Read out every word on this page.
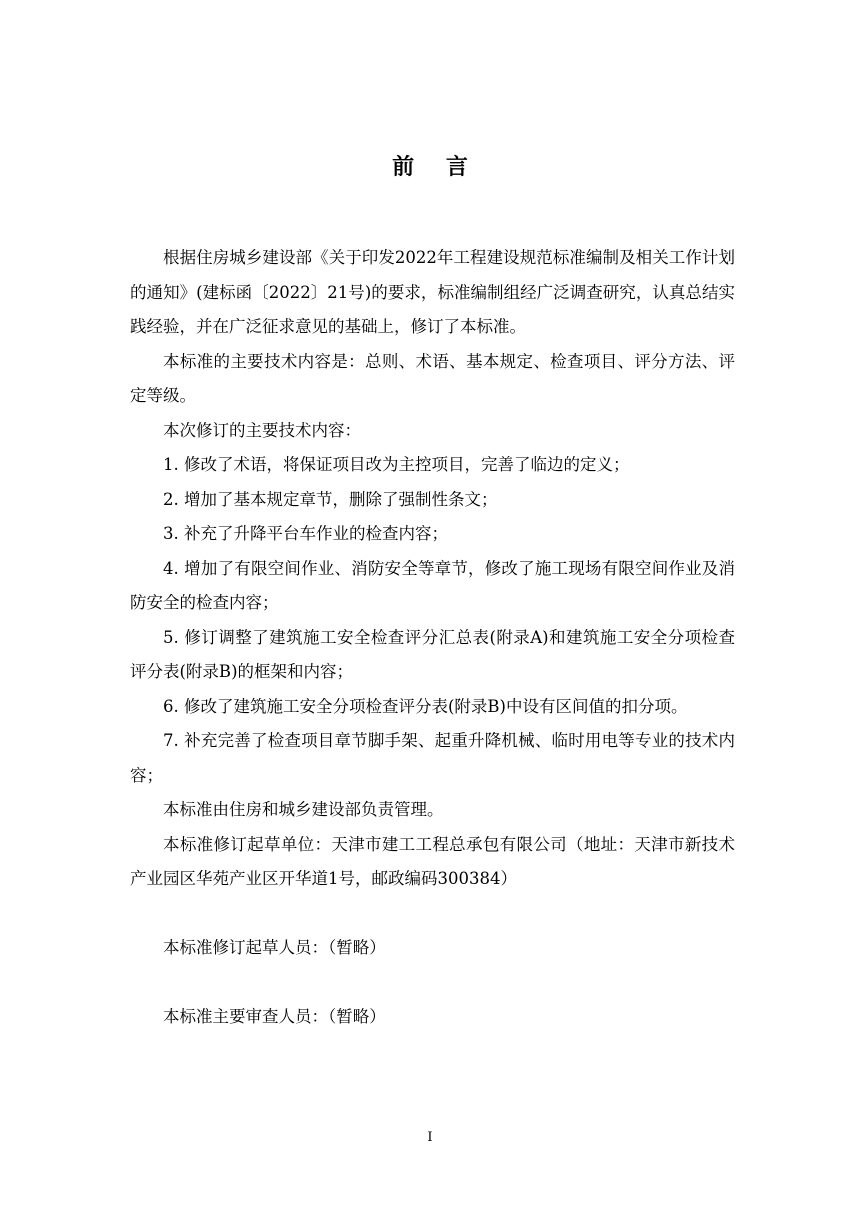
前 言

根据住房城乡建设部《关于印发2022年工程建设规范标准编制及相关工作计划的通知》(建标函〔2022〕21号)的要求，标准编制组经广泛调查研究，认真总结实践经验，并在广泛征求意见的基础上，修订了本标准。

本标准的主要技术内容是：总则、术语、基本规定、检查项目、评分方法、评定等级。

本次修订的主要技术内容：

1. 修改了术语，将保证项目改为主控项目，完善了临边的定义；

2. 增加了基本规定章节，删除了强制性条文；

3. 补充了升降平台车作业的检查内容；

4. 增加了有限空间作业、消防安全等章节，修改了施工现场有限空间作业及消防安全的检查内容；

5. 修订调整了建筑施工安全检查评分汇总表(附录A)和建筑施工安全分项检查评分表(附录B)的框架和内容；

6. 修改了建筑施工安全分项检查评分表(附录B)中设有区间值的扣分项。

7. 补充完善了检查项目章节脚手架、起重升降机械、临时用电等专业的技术内容；

本标准由住房和城乡建设部负责管理。

本标准修订起草单位：天津市建工工程总承包有限公司（地址：天津市新技术产业园区华苑产业区开华道1号，邮政编码300384）

本标准修订起草人员：（暂略）

本标准主要审查人员：（暂略）

I
